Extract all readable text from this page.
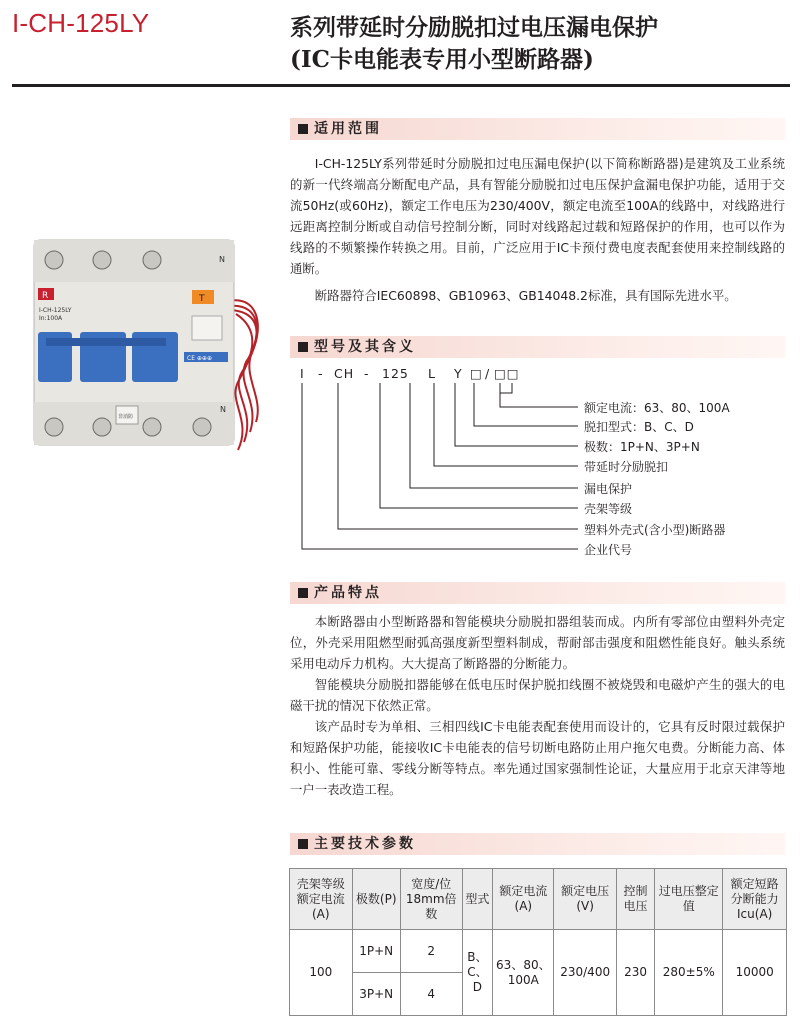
I-CH-125LY	系列带延时分励脱扣过电压漏电保护
(IC卡电能表专用小型断路器)
N
N
R
I-CH-125LY
In:100A
T
CE ⊕⊕⊕
非消防
适用范围

I-CH-125LY系列带延时分励脱扣过电压漏电保护(以下简称断路器)是建筑及工业系统的新一代终端高分断配电产品，具有智能分励脱扣过电压保护盒漏电保护功能，适用于交流50Hz(或60Hz)，额定工作电压为230/400V，额定电流至100A的线路中，对线路进行远距离控制分断或自动信号控制分断，同时对线路起过载和短路保护的作用，也可以作为线路的不频繁操作转换之用。目前，广泛应用于IC卡预付费电度表配套使用来控制线路的通断。

断路器符合IEC60898、GB10963、GB14048.2标准，具有国际先进水平。

型号及其含义
I - CH - 125 L Y □ / □□
额定电流：63、80、100A
脱扣型式：B、C、D
极数：1P+N、3P+N
带延时分励脱扣
漏电保护
壳架等级
塑料外壳式(含小型)断路器
企业代号
产品特点

本断路器由小型断路器和智能模块分励脱扣器组装而成。内所有零部位由塑料外壳定位，外壳采用阻燃型耐弧高强度新型塑料制成，帮耐部击强度和阻燃性能良好。触头系统采用电动斥力机构。大大提高了断路器的分断能力。

智能模块分励脱扣器能够在低电压时保护脱扣线圈不被烧毁和电磁炉产生的强大的电磁干扰的情况下依然正常。

该产品时专为单相、三相四线IC卡电能表配套使用而设计的，它具有反时限过载保护和短路保护功能，能接收IC卡电能表的信号切断电路防止用户拖欠电费。分断能力高、体积小、性能可靠、零线分断等特点。率先通过国家强制性论证，大量应用于北京天津等地一户一表改造工程。

主要技术参数
壳架等级额定电流(A)	极数(P)	宽度/位18mm倍数	型式	额定电流(A)	额定电压(V)	控制电压	过电压整定值	额定短路分断能力Icu(A)
100	1P+N	2	B、C、D	63、80、100A	230/400	230	280±5%	10000
	3P+N	4						
